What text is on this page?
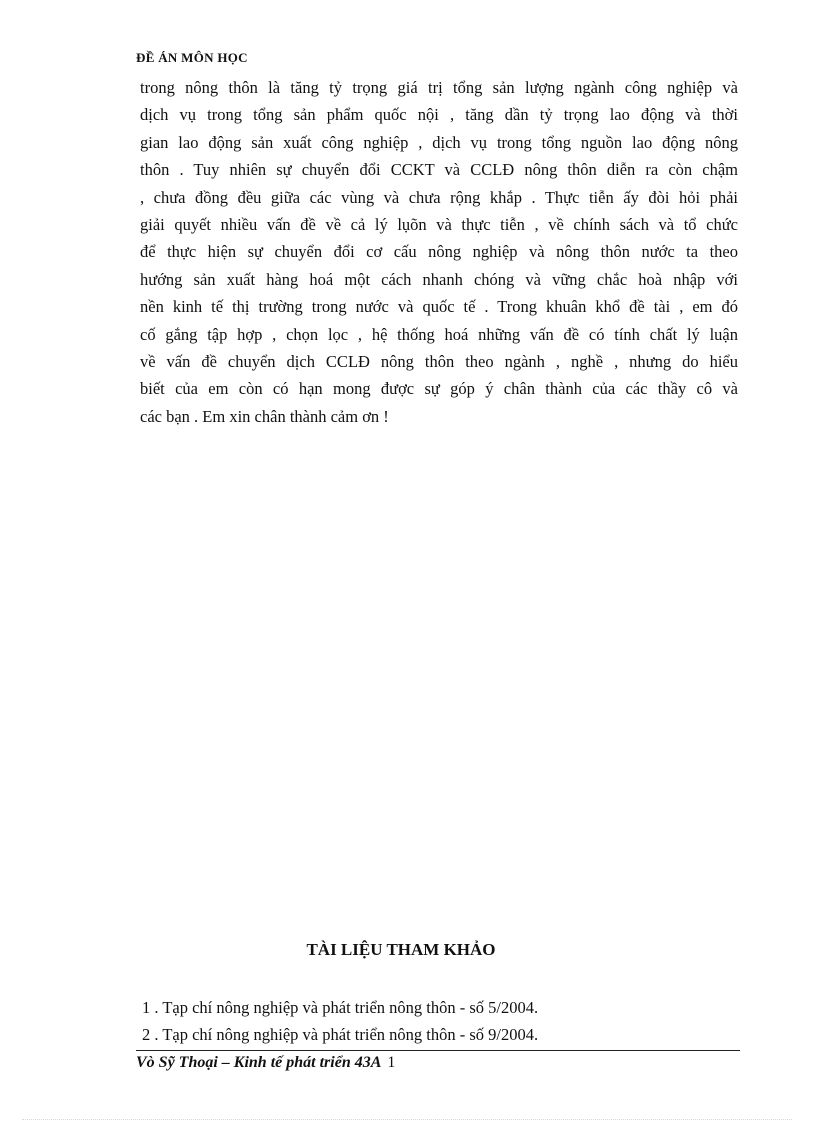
ĐỀ ÁN MÔN HỌC
trong nông thôn là tăng tỷ trọng giá trị tổng sản lượng ngành công nghiệp và
dịch vụ trong tổng sản phẩm quốc nội , tăng dần tỷ trọng lao động và thời
gian lao động sản xuất công nghiệp , dịch vụ trong tổng nguồn lao động nông
thôn . Tuy nhiên sự chuyển đổi CCKT và CCLĐ nông thôn diễn ra còn chậm
, chưa đồng đều giữa các vùng và chưa rộng khắp . Thực tiễn ấy đòi hỏi phải
giải quyết nhiều vấn đề về cả lý lụõn và thực tiễn , về chính sách và tổ chức
để thực hiện sự chuyển đổi cơ cấu nông nghiệp và nông thôn nước ta theo
hướng sản xuất hàng hoá một cách nhanh chóng và vững chắc hoà nhập với
nền kinh tế thị trường trong nước và quốc tế . Trong khuân khổ đề tài , em đó
cố gắng tập hợp , chọn lọc , hệ thống hoá những vấn đề có tính chất lý luận
về vấn đề chuyển dịch CCLĐ nông thôn theo ngành , nghề , nhưng do hiểu
biết của em còn có hạn mong được sự góp ý chân thành của các thầy cô và
các bạn . Em xin chân thành cảm ơn !
TÀI LIỆU THAM KHẢO
1 . Tạp chí nông nghiệp và phát triển nông thôn - số 5/2004.
2 . Tạp chí nông nghiệp và phát triển nông thôn - số 9/2004.
Vò Sỹ Thoại – Kinh tế phát triển 43A 1
